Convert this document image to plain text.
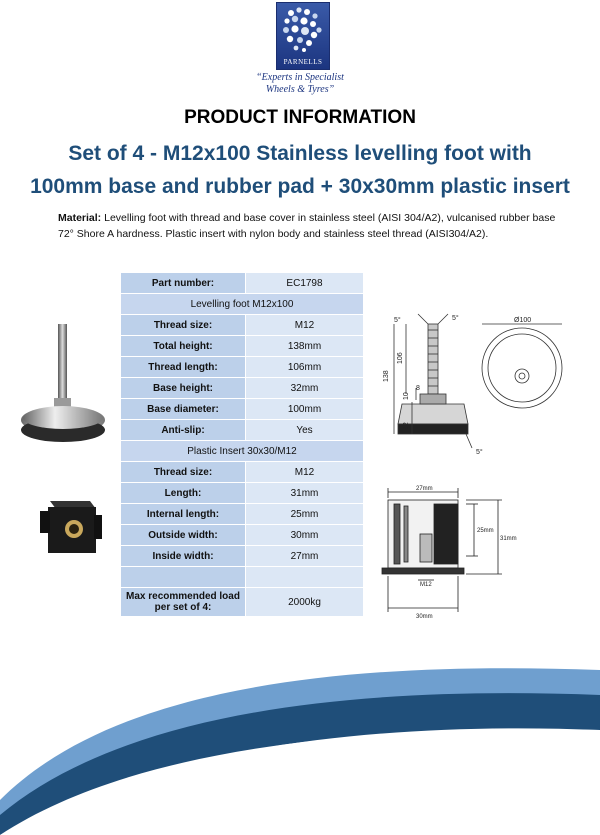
PARNELLS
“Experts in Specialist
Wheels & Tyres”
PRODUCT INFORMATION
Set of 4 - M12x100 Stainless levelling foot with
100mm base and rubber pad + 30x30mm plastic insert
Material: Levelling foot with thread and base cover in stainless steel (AISI 304/A2), vulcanised rubber base 72° Shore A hardness. Plastic insert with nylon body and stainless steel thread (AISI304/A2).
Part number:	EC1798
Levelling foot M12x100	
Thread size:	M12
Total height:	138mm
Thread length:	106mm
Base height:	32mm
Base diameter:	100mm
Anti-slip:	Yes
Plastic Insert 30x30/M12	
Thread size:	M12
Length:	31mm
Internal length:	25mm
Outside width:	30mm
Inside width:	27mm

Max recommended load per set of 4:	2000kg
5°	5°
138
106
10
8
32
5°
Ø100
27mm
25mm
31mm
M12
30mm
